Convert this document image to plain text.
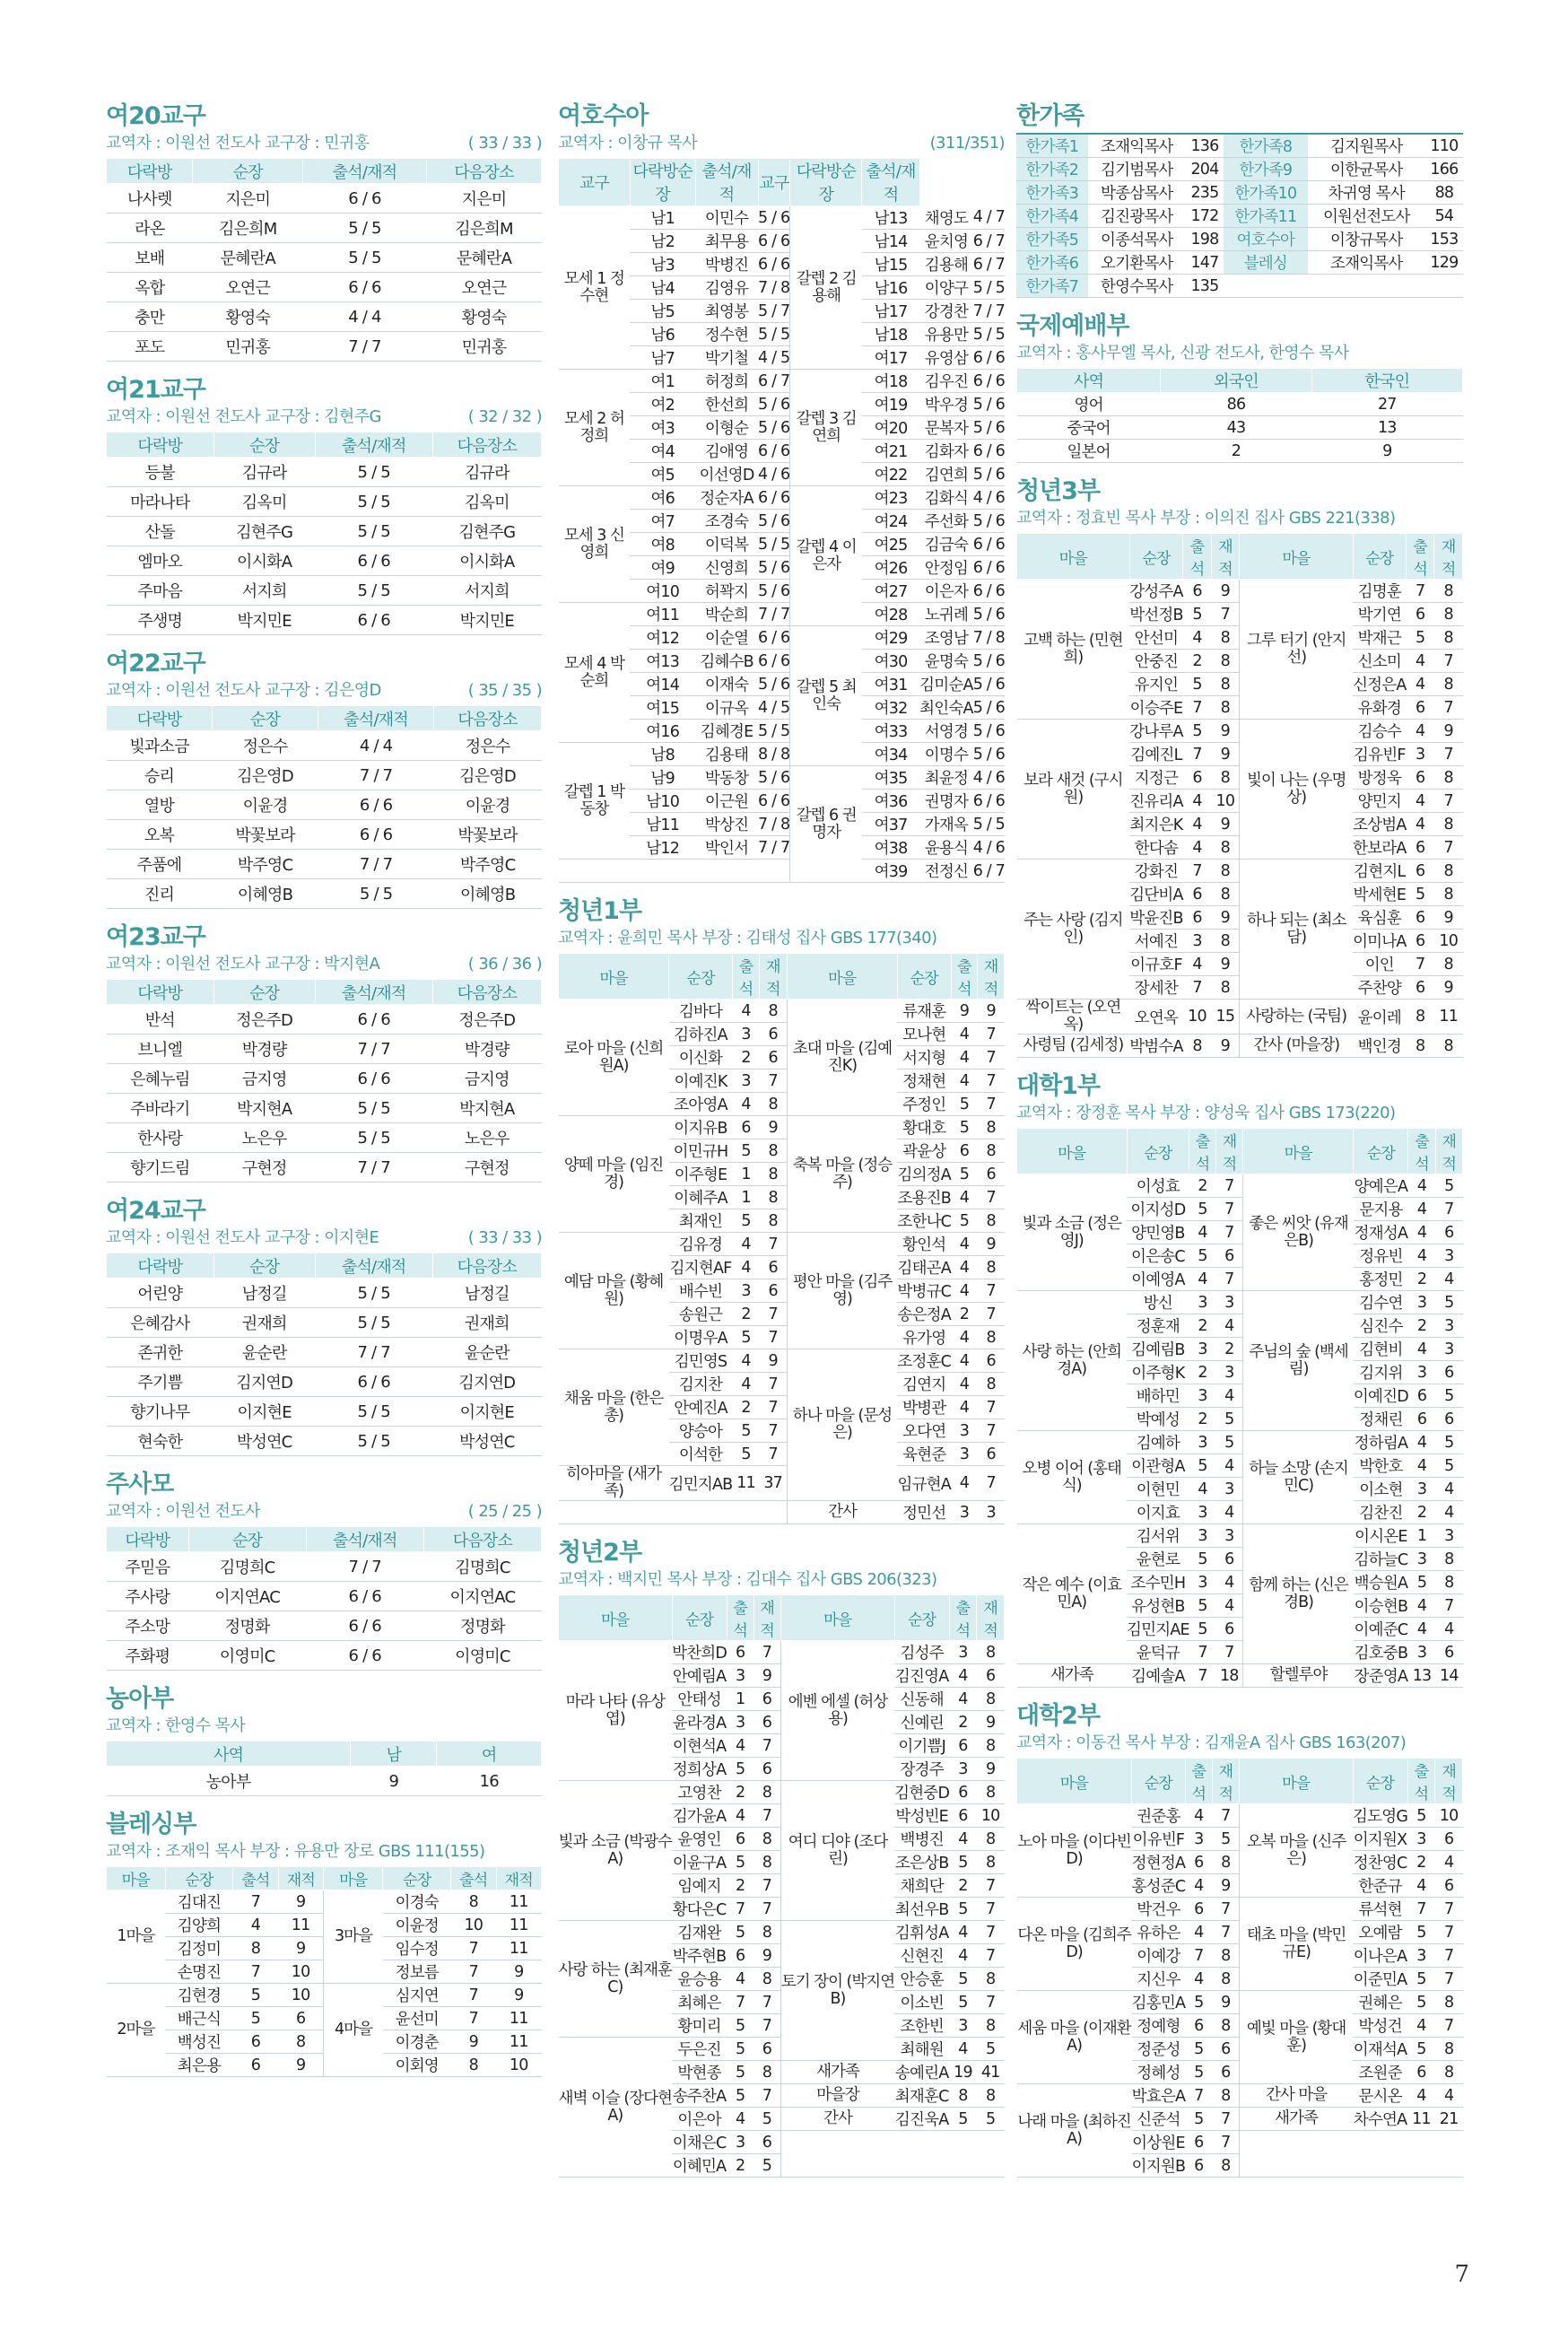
여20교구
교역자 : 이원선 전도사 교구장 : 민귀홍	( 33 / 33 )
다락방	순장	출석/재적	다음장소
나사렛	지은미	6 / 6	지은미
라온	김은희M	5 / 5	김은희M
보배	문혜란A	5 / 5	문혜란A
옥합	오연근	6 / 6	오연근
충만	황영숙	4 / 4	황영숙
포도	민귀홍	7 / 7	민귀홍
여21교구
교역자 : 이원선 전도사 교구장 : 김현주G	( 32 / 32 )
다락방	순장	출석/재적	다음장소
등불	김규라	5 / 5	김규라
마라나타	김옥미	5 / 5	김옥미
산돌	김현주G	5 / 5	김현주G
엠마오	이시화A	6 / 6	이시화A
주마음	서지희	5 / 5	서지희
주생명	박지민E	6 / 6	박지민E
여22교구
교역자 : 이원선 전도사 교구장 : 김은영D	( 35 / 35 )
다락방	순장	출석/재적	다음장소
빛과소금	정은수	4 / 4	정은수
승리	김은영D	7 / 7	김은영D
열방	이윤경	6 / 6	이윤경
오복	박꽃보라	6 / 6	박꽃보라
주품에	박주영C	7 / 7	박주영C
진리	이혜영B	5 / 5	이혜영B
여23교구
교역자 : 이원선 전도사 교구장 : 박지현A	( 36 / 36 )
다락방	순장	출석/재적	다음장소
반석	정은주D	6 / 6	정은주D
브니엘	박경량	7 / 7	박경량
은혜누림	금지영	6 / 6	금지영
주바라기	박지현A	5 / 5	박지현A
한사랑	노은우	5 / 5	노은우
향기드림	구현정	7 / 7	구현정
여24교구
교역자 : 이원선 전도사 교구장 : 이지현E	( 33 / 33 )
다락방	순장	출석/재적	다음장소
어린양	남정길	5 / 5	남정길
은혜감사	권재희	5 / 5	권재희
존귀한	윤순란	7 / 7	윤순란
주기쁨	김지연D	6 / 6	김지연D
향기나무	이지현E	5 / 5	이지현E
현숙한	박성연C	5 / 5	박성연C
주사모
교역자 : 이원선 전도사	( 25 / 25 )
다락방	순장	출석/재적	다음장소
주믿음	김명희C	7 / 7	김명희C
주사랑	이지연AC	6 / 6	이지연AC
주소망	정명화	6 / 6	정명화
주화평	이영미C	6 / 6	이영미C
농아부
교역자 : 한영수 목사
사역	남	여
농아부	9	16
블레싱부
교역자 : 조재익 목사 부장 : 유용만 장로 GBS 111(155)
마을	순장	출석	재적	마을	순장	출석	재적
1마을	김대진	7	9	3마을	이경숙	8	11
	김양희	4	11		이윤정	10	11
	김정미	8	9		임수정	7	11
	손명진	7	10		정보름	7	9
2마을	김현경	5	10	4마을	심지연	7	9
	배근식	5	6		윤선미	7	11
	백성진	6	8		이경춘	9	11
	최은용	6	9		이회영	8	10
여호수아
교역자 : 이창규 목사	(311/351)
교구	다락방순장	출석/재적	교구	다락방순장	출석/재적		
모세 1 정수현	남1	이민수	5 / 6	갈렙 2 김용해	남13	채영도	4 / 7
	남2	최무용	6 / 6		남14	윤치영	6 / 7
	남3	박병진	6 / 6		남15	김용해	6 / 7
	남4	김영유	7 / 8		남16	이양구	5 / 5
	남5	최영봉	5 / 7		남17	강경찬	7 / 7
	남6	정수현	5 / 5		남18	유용만	5 / 5
	남7	박기철	4 / 5		여17	유영삼	6 / 6
모세 2 허정희	여1	허정희	6 / 7	갈렙 3 김연희	여18	김우진	6 / 6
	여2	한선희	5 / 6		여19	박우경	5 / 6
	여3	이형순	5 / 6		여20	문복자	5 / 6
	여4	김애영	6 / 6		여21	김화자	6 / 6
	여5	이선영D	4 / 6		여22	김연희	5 / 6
모세 3 신영희	여6	정순자A	6 / 6	갈렙 4 이은자	여23	김화식	4 / 6
	여7	조경숙	5 / 6		여24	주선화	5 / 6
	여8	이덕복	5 / 5		여25	김금숙	6 / 6
	여9	신영희	5 / 6		여26	안정임	6 / 6
	여10	허꽉지	5 / 6		여27	이은자	6 / 6
모세 4 박순희	여11	박순희	7 / 7		여28	노귀례	5 / 6
	여12	이순열	6 / 6	갈렙 5 최인숙	여29	조영남	7 / 8
	여13	김혜수B	6 / 6		여30	윤명숙	5 / 6
	여14	이재숙	5 / 6		여31	김미순A	5 / 6
	여15	이규옥	4 / 5		여32	최인숙A	5 / 6
	여16	김혜경E	5 / 5		여33	서영경	5 / 6
갈렙 1 박동창	남8	김용태	8 / 8		여34	이명수	5 / 6
	남9	박동창	5 / 6	갈렙 6 권명자	여35	최윤정	4 / 6
	남10	이근원	6 / 6		여36	권명자	6 / 6
	남11	박상진	7 / 8		여37	가재옥	5 / 5
	남12	박인서	7 / 7		여38	윤용식	4 / 6
					여39	전정신	6 / 7
청년1부
교역자 : 윤희민 목사 부장 : 김태성 집사 GBS 177(340)
마을	순장	출석	재적	마을	순장	출석	재적
로아 마을 (신희원A)	김바다	4	8	초대 마을 (김예진K)	류재훈	9	9
	김하진A	3	6		모나현	4	7
	이신화	2	6		서지형	4	7
	이예진K	3	7		정채현	4	7
	조아영A	4	8		주정인	5	7
양떼 마을 (임진경)	이지유B	6	9	축복 마을 (정승주)	황대호	5	8
	이민규H	5	8		곽윤상	6	8
	이주형E	1	8		김의정A	5	6
	이혜주A	1	8		조용진B	4	7
	최재인	5	8		조한나C	5	8
예담 마을 (황혜원)	김유경	4	7	평안 마을 (김주영)	황인석	4	9
	김지현AF	4	6		김태곤A	4	8
	배수빈	3	6		박병규C	4	7
	송원근	2	7		송은정A	2	7
	이명우A	5	7		유가영	4	8
채움 마을 (한은총)	김민영S	4	9	하나 마을 (문성은)	조정훈C	4	6
	김지찬	4	7		김연지	4	8
	안예진A	2	7		박병관	4	7
	양승아	5	7		오다연	3	7
	이석한	5	7		육현준	3	6
히아마을 (새가족)	김민지AB	11	37		임규현A	4	7
				간사	정민선	3	3
청년2부
교역자 : 백지민 목사 부장 : 김대수 집사 GBS 206(323)
마을	순장	출석	재적	마을	순장	출석	재적
마라 나타 (유상엽)	박찬희D	6	7	에벤 에셀 (허상용)	김성주	3	8
	안예림A	3	9		김진영A	4	6
	안태성	1	6		신동해	4	8
	윤라경A	3	6		신예린	2	9
	이현석A	4	7		이기쁨J	6	8
	정희상A	5	6		장경주	3	9
빛과 소금 (박광수A)	고영찬	2	8	여디 디야 (조다린)	김현중D	6	8
	김가윤A	4	7		박성빈E	6	10
	윤영인	6	8		백병진	4	8
	이윤구A	5	8		조은상B	5	8
	임예지	2	7		채희단	2	7
	황다은C	7	7		최선우B	5	7
사랑 하는 (최재훈C)	김재완	5	8	토기 장이 (박지연B)	김휘성A	4	7
	박주현B	6	9		신현진	4	7
	윤승용	4	8		안승훈	5	8
	최혜은	7	7		이소빈	5	7
	황미리	5	7		조한빈	3	8
새벽 이슬 (장다현A)	두은진	5	6		최해원	4	5
	박현종	5	8	새가족	송예린A	19	41
	송주찬A	5	7	마을장	최재훈C	8	8
	이은아	4	5	간사	김진욱A	5	5
	이채은C	3	6				
	이혜민A	2	5				
한가족
한가족1	조재익목사	136	한가족8	김지원목사	110
한가족2	김기범목사	204	한가족9	이한균목사	166
한가족3	박종삼목사	235	한가족10	차귀영 목사	88
한가족4	김진광목사	172	한가족11	이원선전도사	54
한가족5	이종석목사	198	여호수아	이창규목사	153
한가족6	오기환목사	147	블레싱	조재익목사	129
한가족7	한영수목사	135			
국제예배부
교역자 : 홍사무엘 목사, 신광 전도사, 한영수 목사
사역	외국인	한국인
영어	86	27
중국어	43	13
일본어	2	9
청년3부
교역자 : 정효빈 목사 부장 : 이의진 집사 GBS 221(338)
마을	순장	출석	재적	마을	순장	출석	재적
고백 하는 (민현희)	강성주A	6	9	그루 터기 (안지선)	김명훈	7	8
	박선정B	5	7		박기연	6	8
	안선미	4	8		박재근	5	8
	안중진	2	8		신소미	4	7
	유지인	5	8		신정은A	4	8
	이승주E	7	8		유화경	6	7
보라 새것 (구시원)	강나루A	5	9	빛이 나는 (우명상)	김승수	4	9
	김예진L	7	9		김유빈F	3	7
	지정근	6	8		방정욱	6	8
	진유리A	4	10		양민지	4	7
	최지은K	4	9		조상범A	4	8
	한다솜	4	8		한보라A	6	7
주는 사랑 (김지인)	강화진	7	8	하나 되는 (최소담)	김현지L	6	8
	김단비A	6	8		박세현E	5	8
	박윤진B	6	9		육심훈	6	9
	서예진	3	8		이미나A	6	10
	이규호F	4	9		이인	7	8
	장세찬	7	8		주찬양	6	9
싹이트는 (오연옥)	오연옥	10	15	사랑하는 (국팀)	윤이레	8	11
사령팀 (김세정)	박범수A	8	9	간사 (마을장)	백인경	8	8
대학1부
교역자 : 장정훈 목사 부장 : 양성욱 집사 GBS 173(220)
마을	순장	출석	재적	마을	순장	출석	재적
빛과 소금 (정은영J)	이성효	2	7	좋은 씨앗 (유재은B)	양예은A	4	5
	이지성D	5	7		문지용	4	7
	양민영B	4	7		정재성A	4	6
	이은송C	5	6		정유빈	4	3
	이예영A	4	7		홍정민	2	4
사랑 하는 (안희경A)	방신	3	3	주님의 숲 (백세림)	김수연	3	5
	정훈재	2	4		심진수	2	3
	김예림B	3	2		김현비	4	3
	이주형K	2	3		김지위	3	6
	배하민	3	4		이예진D	6	5
	박예성	2	5		정채린	6	6
오병 이어 (홍태식)	김예하	3	5	하늘 소망 (손지민C)	정하림A	4	5
	이관형A	5	4		박한호	4	5
	이현민	4	3		이소현	3	4
	이지효	3	4		김찬진	2	4
작은 예수 (이효민A)	김서위	3	3	함께 하는 (신은경B)	이시온E	1	3
	윤현로	5	6		김하늘C	3	8
	조수민H	3	4		백승원A	5	8
	유성현B	5	4		이승현B	4	7
	김민지AE	5	6		이예준C	4	4
	윤덕규	7	7		김호중B	3	6
새가족	김예솔A	7	18	할렐루야	장준영A	13	14
대학2부
교역자 : 이동건 목사 부장 : 김재윤A 집사 GBS 163(207)
마을	순장	출석	재적	마을	순장	출석	재적
노아 마을 (이다빈D)	권준홍	4	7	오복 마을 (신주은)	김도영G	5	10
	이유빈F	3	5		이지원X	3	6
	정현정A	6	8		정찬영C	2	4
	홍성준C	4	9		한준규	4	6
다온 마을 (김희주D)	박건우	6	7	태초 마을 (박민규E)	류석현	7	7
	유하은	4	7		오예람	5	7
	이예강	7	8		이나은A	3	7
	지신우	4	8		이준민A	5	7
세움 마을 (이재환A)	김홍민A	5	9	예빛 마을 (황대훈)	권혜은	5	8
	정예형	6	8		박성건	4	7
	정준성	5	6		이재석A	5	8
	정혜성	5	6		조원준	6	8
나래 마을 (최하진A)	박효은A	7	8	간사 마을	문시온	4	4
	신준석	5	7	새가족	차수연A	11	21
	이상원E	6	7				
	이지원B	6	8				
7
